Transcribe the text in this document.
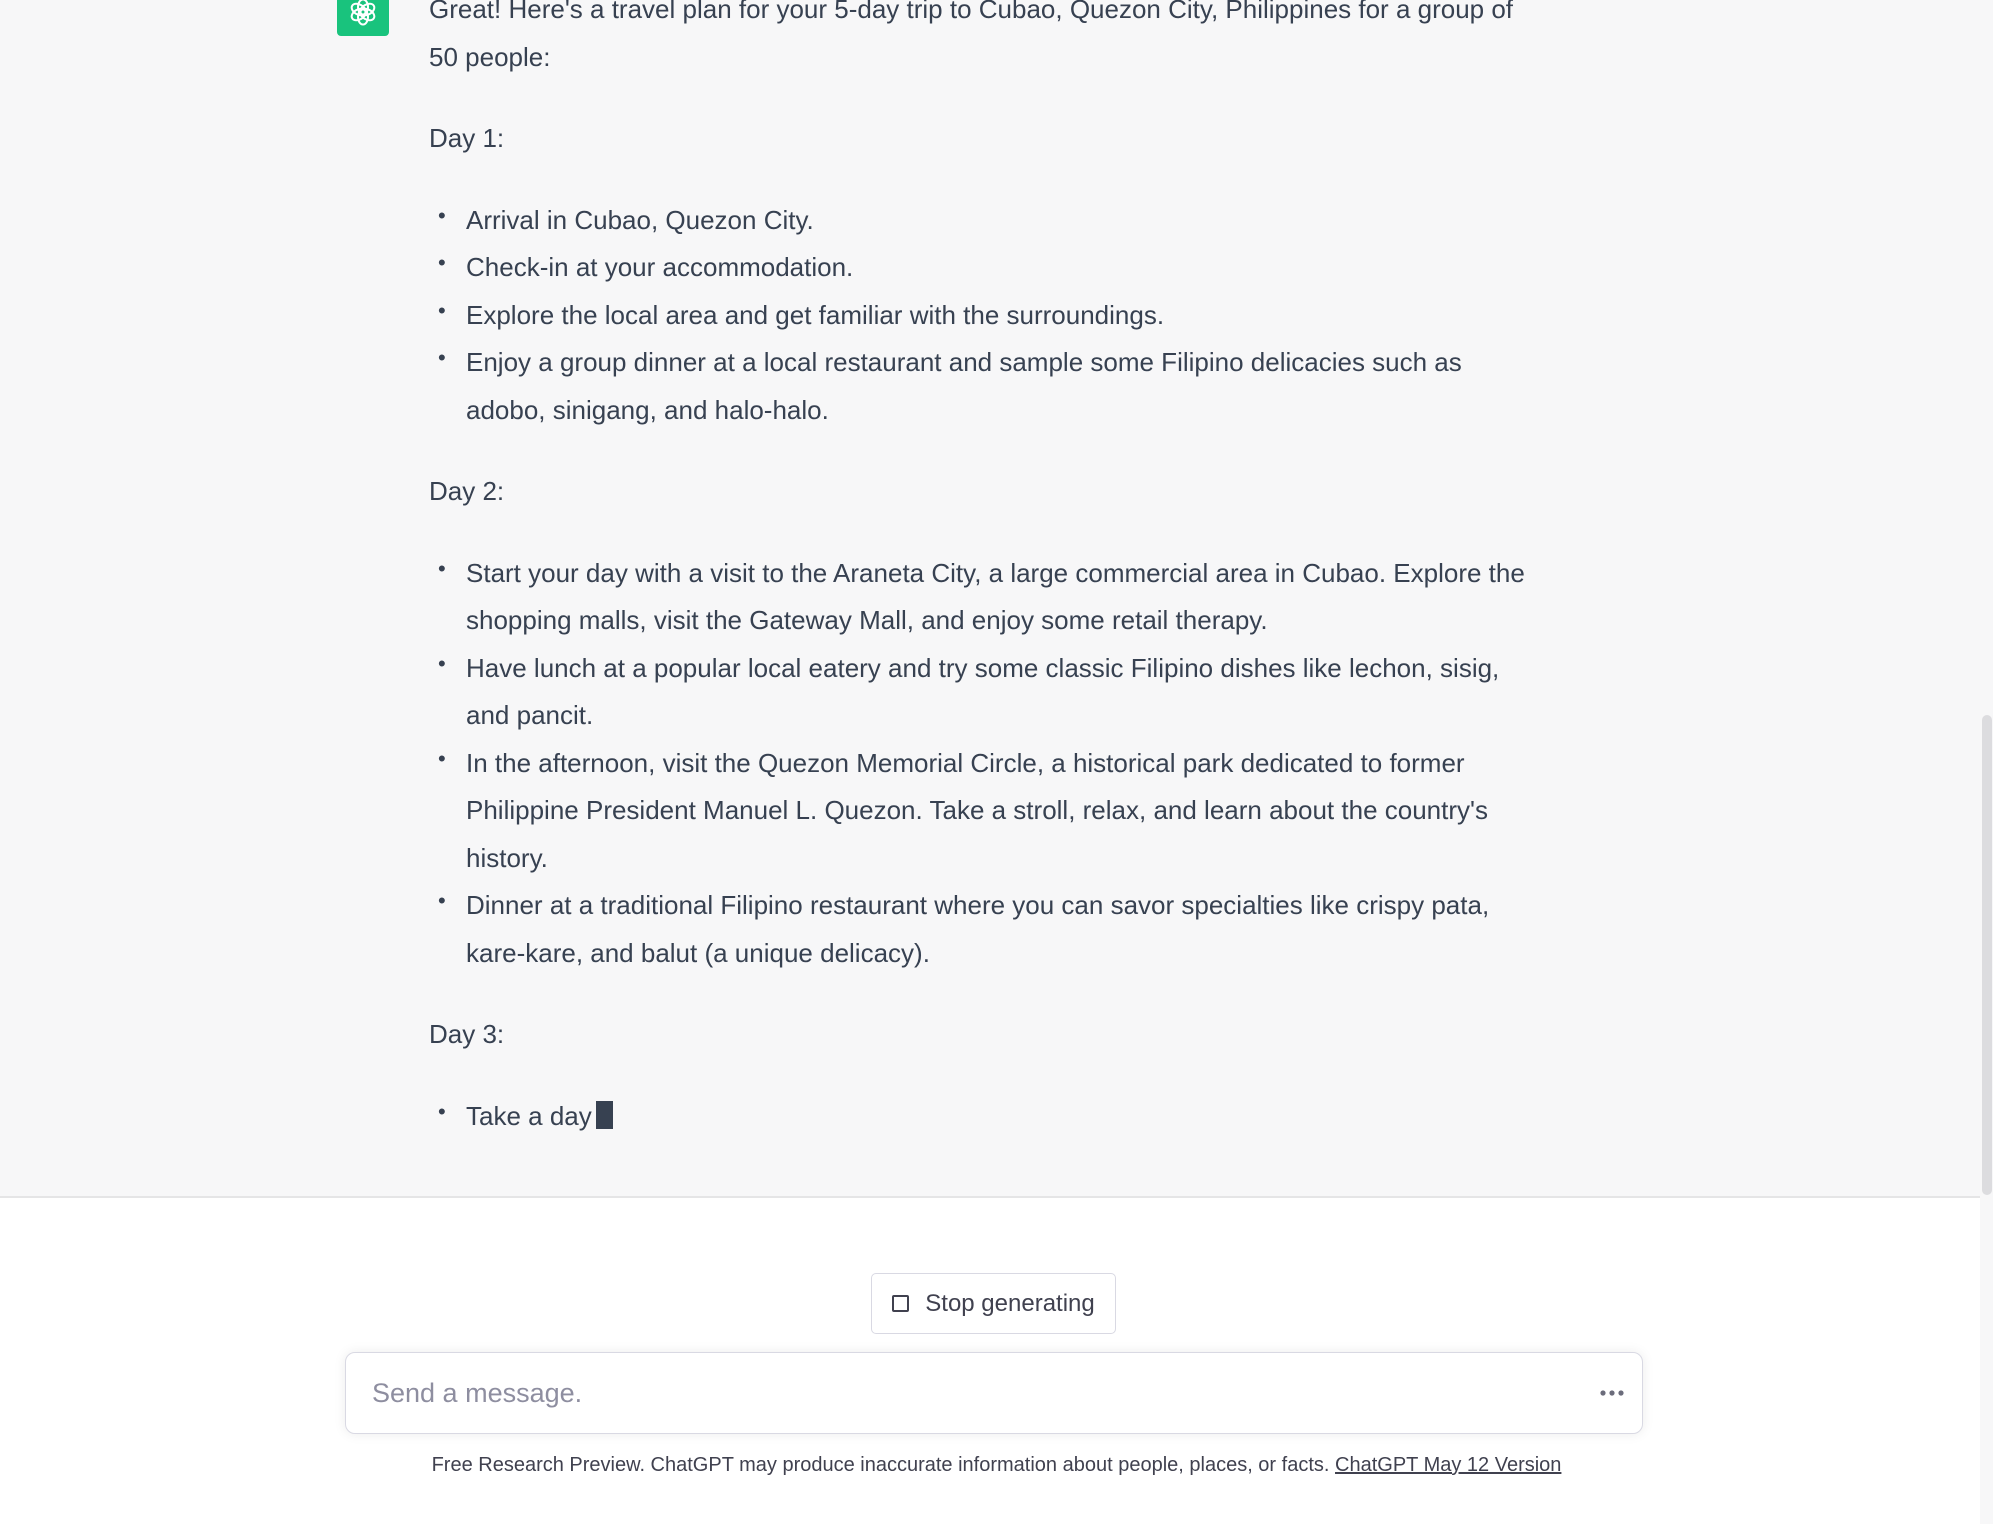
Great! Here's a travel plan for your 5-day trip to Cubao, Quezon City, Philippines for a group of 50 people:

Day 1:

• Arrival in Cubao, Quezon City.
• Check-in at your accommodation.
• Explore the local area and get familiar with the surroundings.
• Enjoy a group dinner at a local restaurant and sample some Filipino delicacies such as adobo, sinigang, and halo-halo.

Day 2:

• Start your day with a visit to the Araneta City, a large commercial area in Cubao. Explore the shopping malls, visit the Gateway Mall, and enjoy some retail therapy.
• Have lunch at a popular local eatery and try some classic Filipino dishes like lechon, sisig, and pancit.
• In the afternoon, visit the Quezon Memorial Circle, a historical park dedicated to former Philippine President Manuel L. Quezon. Take a stroll, relax, and learn about the country's history.
• Dinner at a traditional Filipino restaurant where you can savor specialties like crispy pata, kare-kare, and balut (a unique delicacy).

Day 3:

• Take a day
Stop generating
Send a message.
Free Research Preview. ChatGPT may produce inaccurate information about people, places, or facts. ChatGPT May 12 Version
